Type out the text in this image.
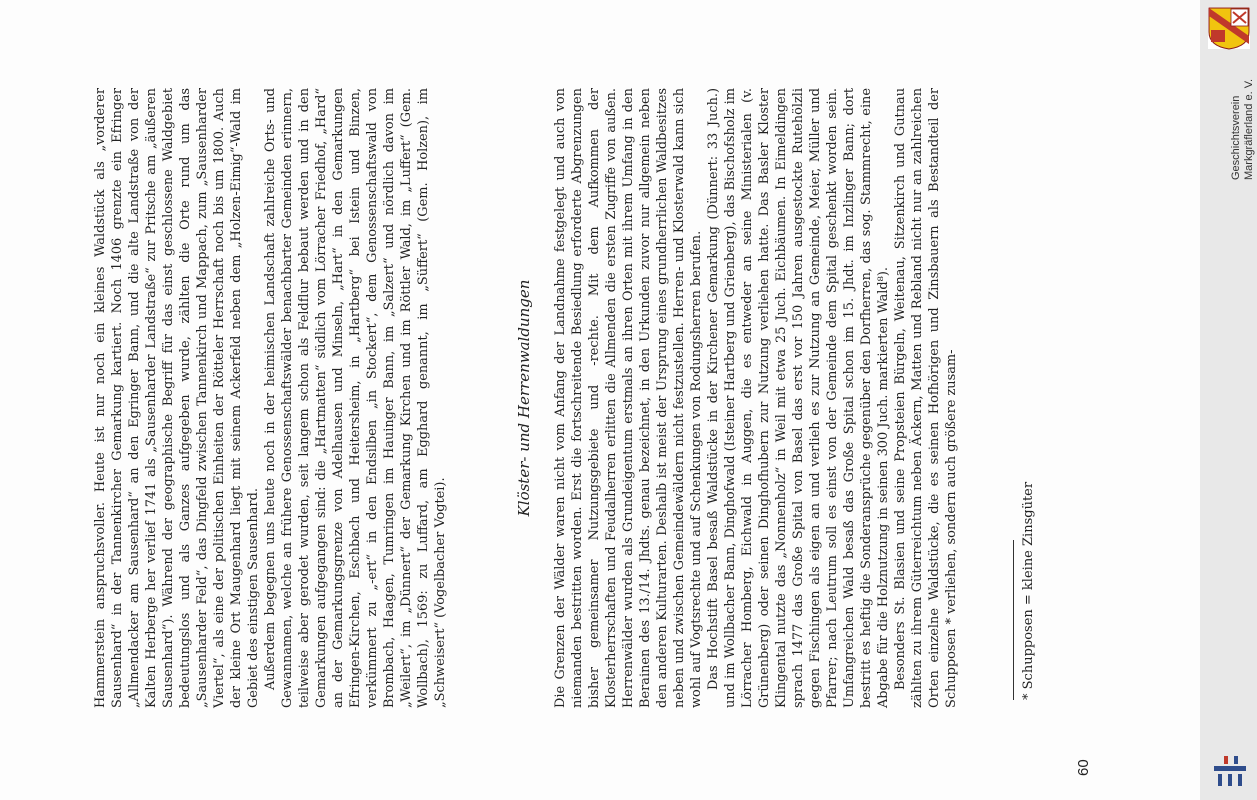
Hammerstein anspruchsvoller. Heute ist nur noch ein kleines Waldstück als „vorderer Sausenhard“ in der Tannenkircher Gemarkung kartiert. Noch 1406 grenzte ein Efringer „Allmendacker am Sausenhard“ an den Egringer Bann, und die alte Landstraße von der Kalten Herberge her verlief 1741 als „Sausenharder Landstraße“ zur Pritsche am „äußeren Sausenhard“). Während der geographische Begriff für das einst geschlossene Waldgebiet bedeutungslos und als Ganzes aufgegeben wurde, zählten die Orte rund um das „Sausenharder Feld“, das Dingfeld zwischen Tannenkirch und Mappach, zum „Sausenharder Viertel“, als eine der politischen Einheiten der Rötteler Herrschaft noch bis um 1800. Auch der kleine Ort Maugenhard liegt mit seinem Ackerfeld neben dem „Holzen-Eimig“-Wald im Gebiet des einstigen Sausenhard. Außerdem begegnen uns heute noch in der heimischen Landschaft zahlreiche Orts- und Gewannamen, welche an frühere Genossenschaftswälder benachbarter Gemeinden erinnern, teilweise aber gerodet wurden, seit langem schon als Feldflur bebaut werden und in den Gemarkungen aufgegangen sind: die „Hartmatten“ südlich vom Lörracher Friedhof, „Hard“ an der Gemarkungsgrenze von Adelhausen und Minseln, „Hart“ in den Gemarkungen Efringen-Kirchen, Eschbach und Heitersheim, in „Hartberg“ bei Istein und Binzen, verkümmert zu „-ert“ in den Endsilben „in Stockert“, dem Genossenschaftswald von Brombach, Haagen, Tumringen im Hauinger Bann, im „Salzert“ und nördlich davon im „Weilert“, im „Dünnert“ der Gemarkung Kirchen und im Röttler Wald, im „Luffert“ (Gem. Wollbach), 1569: zu Luffard, am Egghard genannt, im „Süffert“ (Gem. Holzen), im „Schweisert“ (Vogelbacher Vogtei).

Klöster- und Herrenwaldungen Die Grenzen der Wälder waren nicht vom Anfang der Landnahme festgelegt und auch von niemanden bestritten worden. Erst die fortschreitende Besiedlung erforderte Abgrenzungen bisher gemeinsamer Nutzungsgebiete und -rechte. Mit dem Aufkommen der Klosterherrschaften und Feudalherren erlitten die Allmenden die ersten Zugriffe von außen. Herrenwälder wurden als Grundeigentum erstmals an ihren Orten mit ihrem Umfang in den Berainen des 13./14. Jhdts. genau bezeichnet, in den Urkunden zuvor nur allgemein neben den anderen Kulturarten. Deshalb ist meist der Ursprung eines grundherrlichen Waldbesitzes neben und zwischen Gemeindewäldern nicht festzustellen. Herren- und Klosterwald kann sich wohl auf Vogtsrechte und auf Schenkungen von Rodungsherren berufen. Das Hochstift Basel besaß Waldstücke in der Kirchener Gemarkung (Dünnert: 33 Juch.) und im Wollbacher Bann, Dinghofwald (Isteiner Hartberg und Grienberg), das Bischofsholz im Lörracher Homberg, Eichwald in Auggen, die es entweder an seine Ministerialen (v. Grünenberg) oder seinen Dinghofhubern zur Nutzung verliehen hatte. Das Basler Kloster Klingental nutzte das „Nonnenholz“ in Weil mit etwa 25 Juch. Eichbäumen. In Eimeldingen sprach 1477 das Große Spital von Basel das erst vor 150 Jahren ausgestockte Rutehölzli gegen Fischingen als eigen an und verlieh es zur Nutzung an Gemeinde, Meier, Müller und Pfarrer; nach Leutrum soll es einst von der Gemeinde dem Spital geschenkt worden sein. Umfangreichen Wald besaß das Große Spital schon im 15. Jhdt. im Inzlinger Bann; dort bestritt es heftig die Sonderansprüche gegenüber den Dorfherren, das sog. Stammrecht, eine Abgabe für die Holznutzung in seinen 300 Juch. markierten Wald⁸). Besonders St. Blasien und seine Propsteien Bürgeln, Weitenau, Sitzenkirch und Gutnau zählten zu ihrem Güterreichtum neben Äckern, Matten und Rebland nicht nur an zahlreichen Orten einzelne Waldstücke, die es seinen Hofhörigen und Zinsbauern als Bestandteil der Schupposen * verliehen, sondern auch größere zusam-	* Schupposen = kleine Zinsgüter
60
Geschichtsverein Markgräflerland e. V.
